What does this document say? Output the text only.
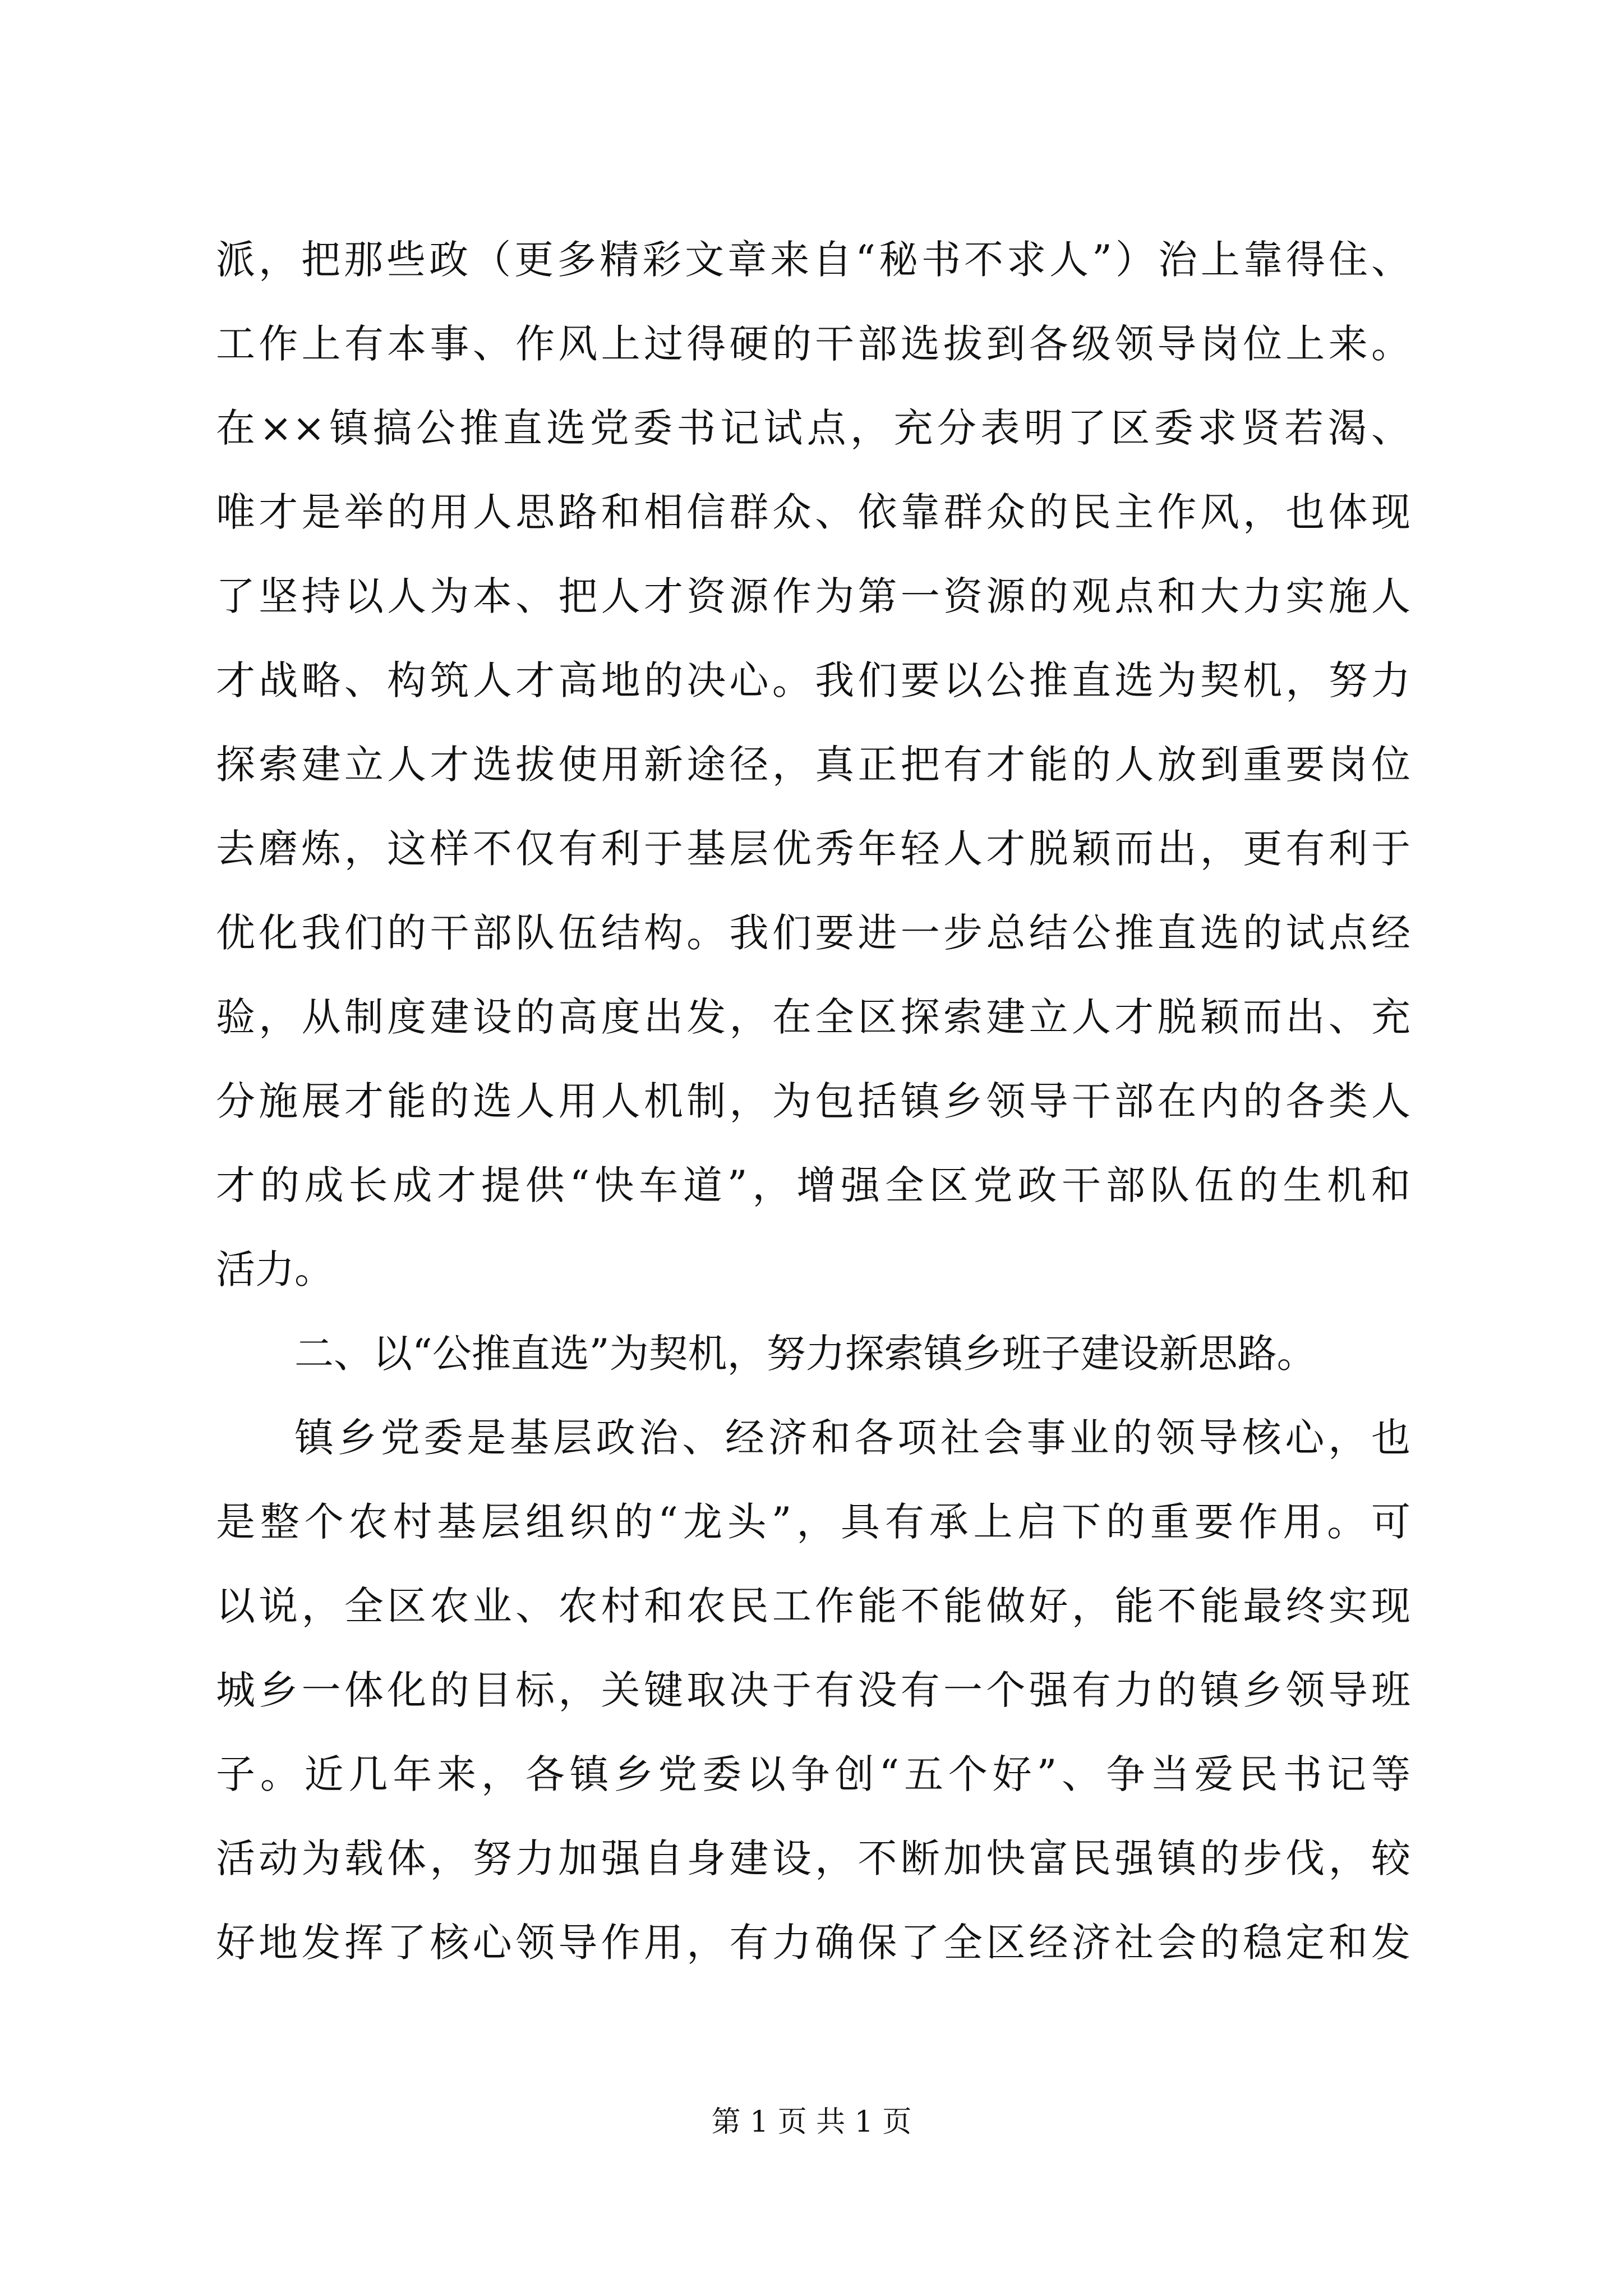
派，把那些政（更多精彩文章来自“秘书不求人”）治上靠得住、
工作上有本事、作风上过得硬的干部选拔到各级领导岗位上来。
在××镇搞公推直选党委书记试点，充分表明了区委求贤若渴、
唯才是举的用人思路和相信群众、依靠群众的民主作风，也体现
了坚持以人为本、把人才资源作为第一资源的观点和大力实施人
才战略、构筑人才高地的决心。我们要以公推直选为契机，努力
探索建立人才选拔使用新途径，真正把有才能的人放到重要岗位
去磨炼，这样不仅有利于基层优秀年轻人才脱颖而出，更有利于
优化我们的干部队伍结构。我们要进一步总结公推直选的试点经
验，从制度建设的高度出发，在全区探索建立人才脱颖而出、充
分施展才能的选人用人机制，为包括镇乡领导干部在内的各类人
才的成长成才提供“快车道”，增强全区党政干部队伍的生机和
活力。
二、以“公推直选”为契机，努力探索镇乡班子建设新思路。
镇乡党委是基层政治、经济和各项社会事业的领导核心，也
是整个农村基层组织的“龙头”，具有承上启下的重要作用。可
以说，全区农业、农村和农民工作能不能做好，能不能最终实现
城乡一体化的目标，关键取决于有没有一个强有力的镇乡领导班
子。近几年来，各镇乡党委以争创“五个好”、争当爱民书记等
活动为载体，努力加强自身建设，不断加快富民强镇的步伐，较
好地发挥了核心领导作用，有力确保了全区经济社会的稳定和发
第 1 页 共 1 页
